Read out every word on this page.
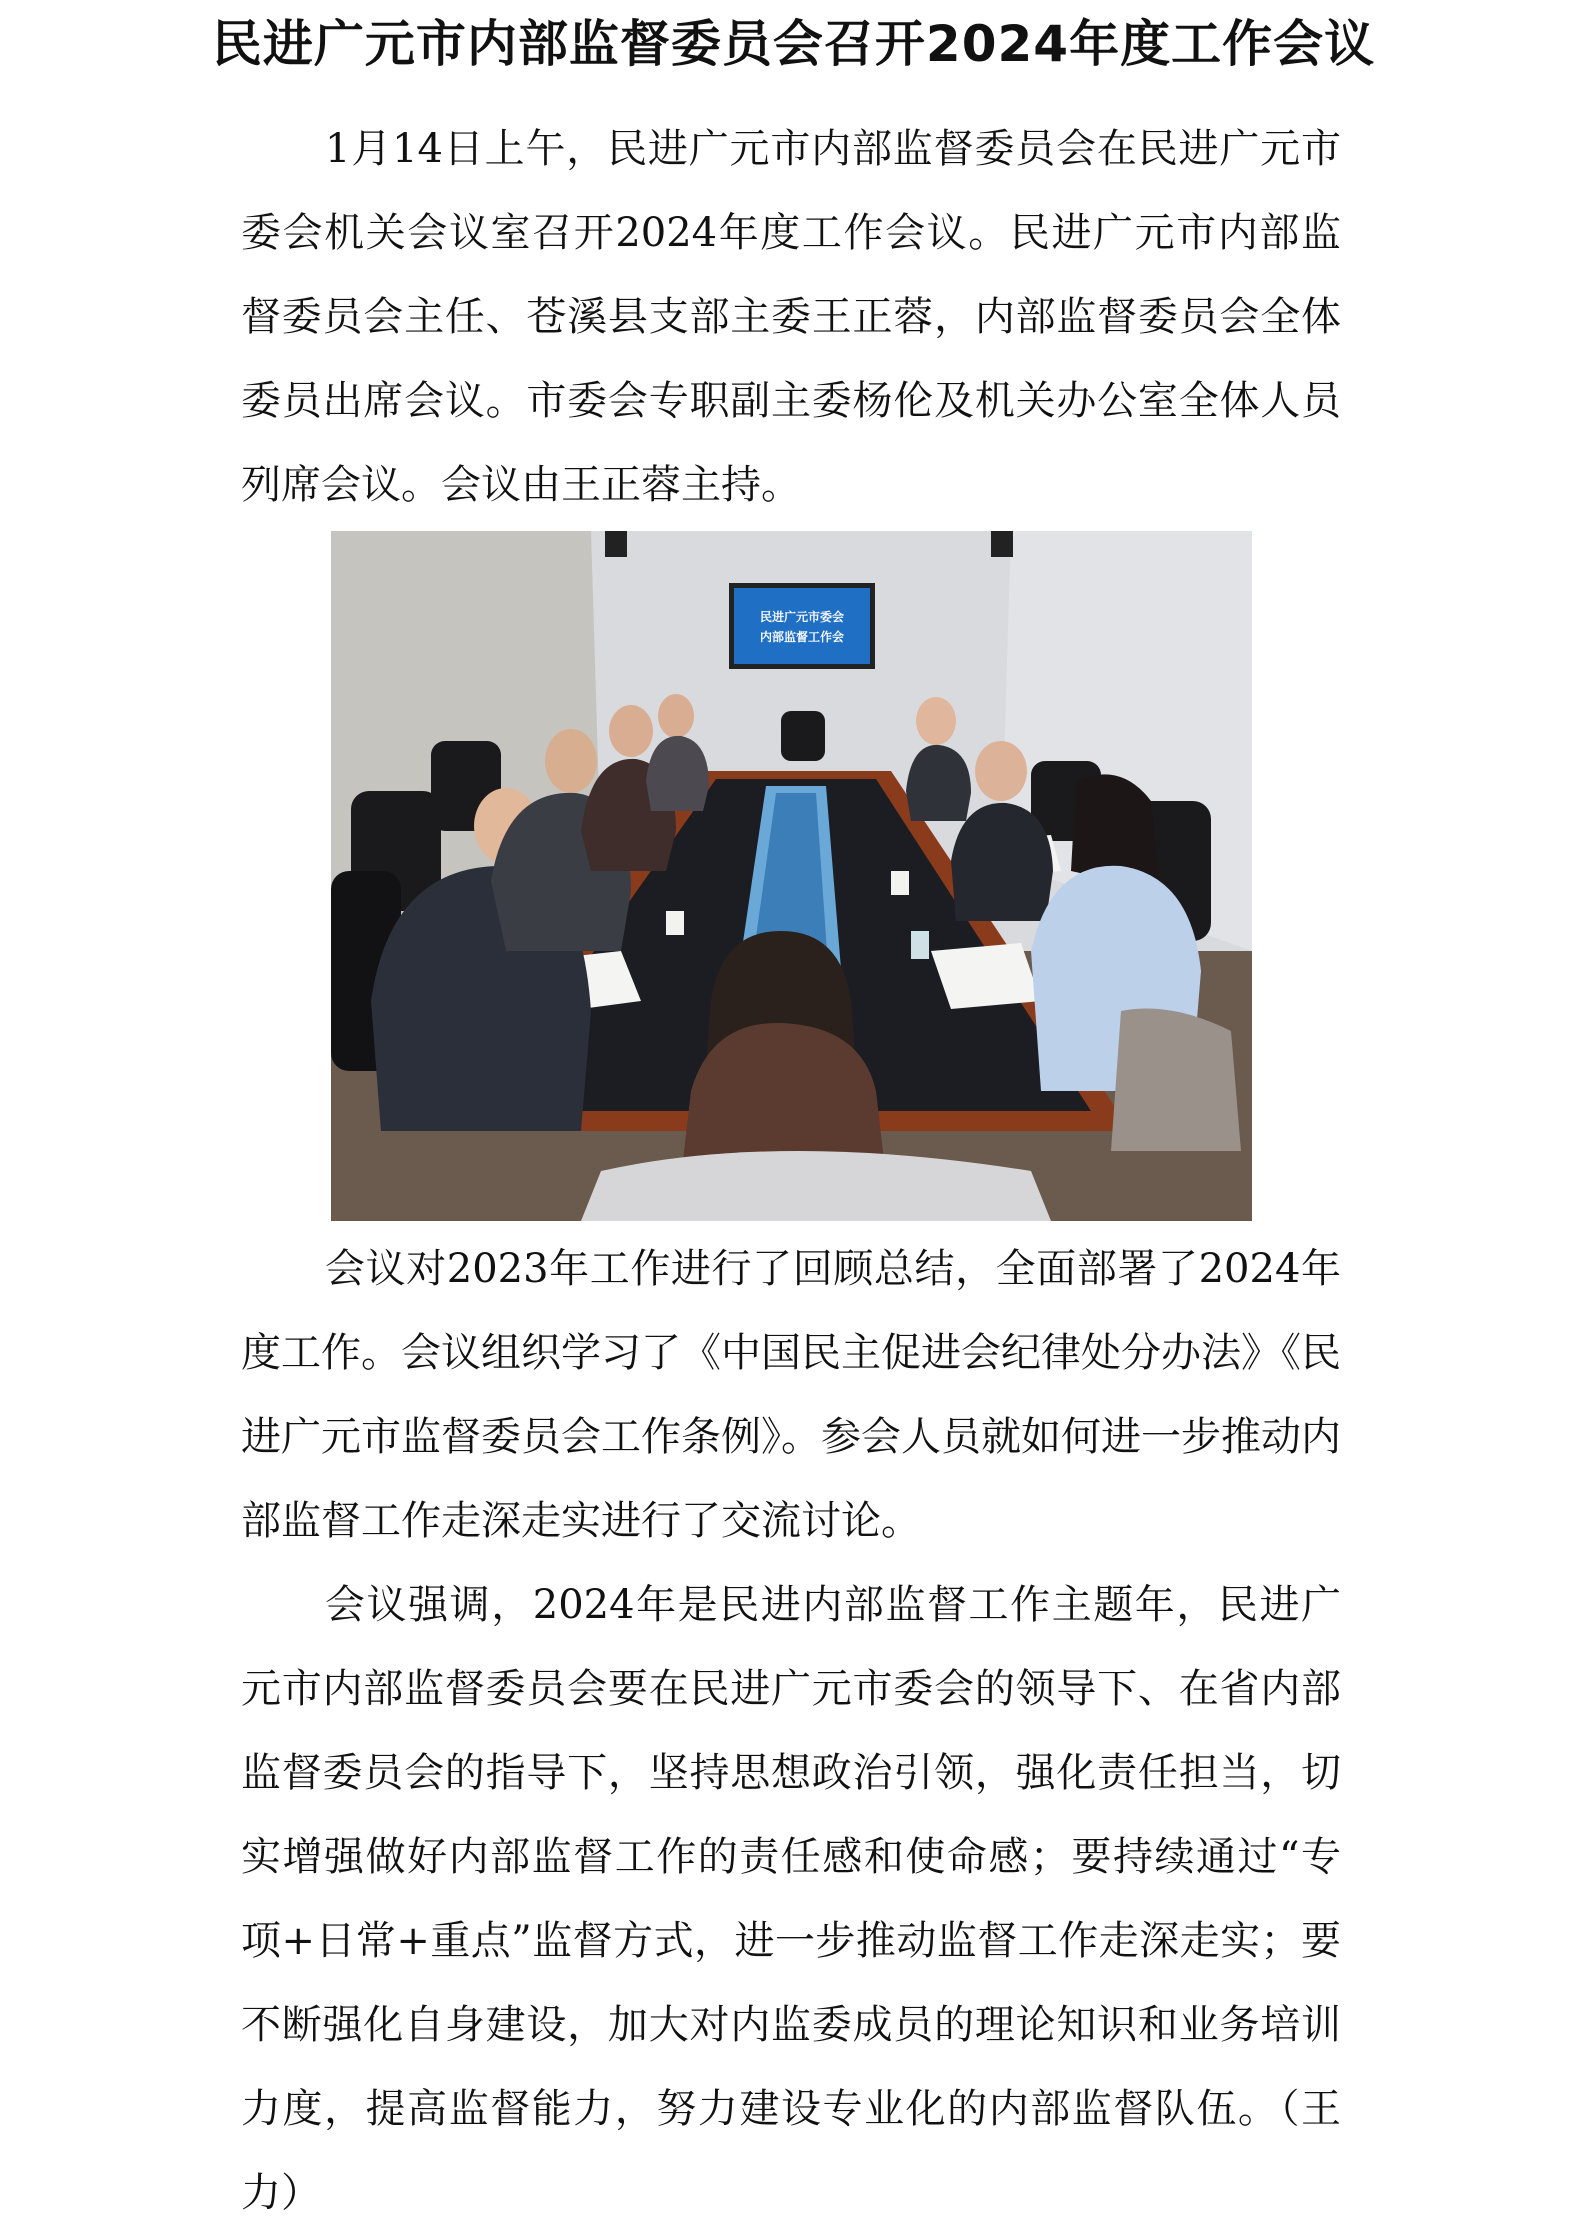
民进广元市内部监督委员会召开2024年度工作会议

1月14日上午，民进广元市内部监督委员会在民进广元市委会机关会议室召开2024年度工作会议。民进广元市内部监督委员会主任、苍溪县支部主委王正蓉，内部监督委员会全体委员出席会议。市委会专职副主委杨伦及机关办公室全体人员列席会议。会议由王正蓉主持。

民进广元市委会
内部监督工作会

会议对2023年工作进行了回顾总结，全面部署了2024年度工作。会议组织学习了《中国民主促进会纪律处分办法》《民进广元市监督委员会工作条例》。参会人员就如何进一步推动内部监督工作走深走实进行了交流讨论。

会议强调，2024年是民进内部监督工作主题年，民进广元市内部监督委员会要在民进广元市委会的领导下、在省内部监督委员会的指导下，坚持思想政治引领，强化责任担当，切实增强做好内部监督工作的责任感和使命感；要持续通过“专项+日常+重点”监督方式，进一步推动监督工作走深走实；要不断强化自身建设，加大对内监委成员的理论知识和业务培训力度，提高监督能力，努力建设专业化的内部监督队伍。（王力）
